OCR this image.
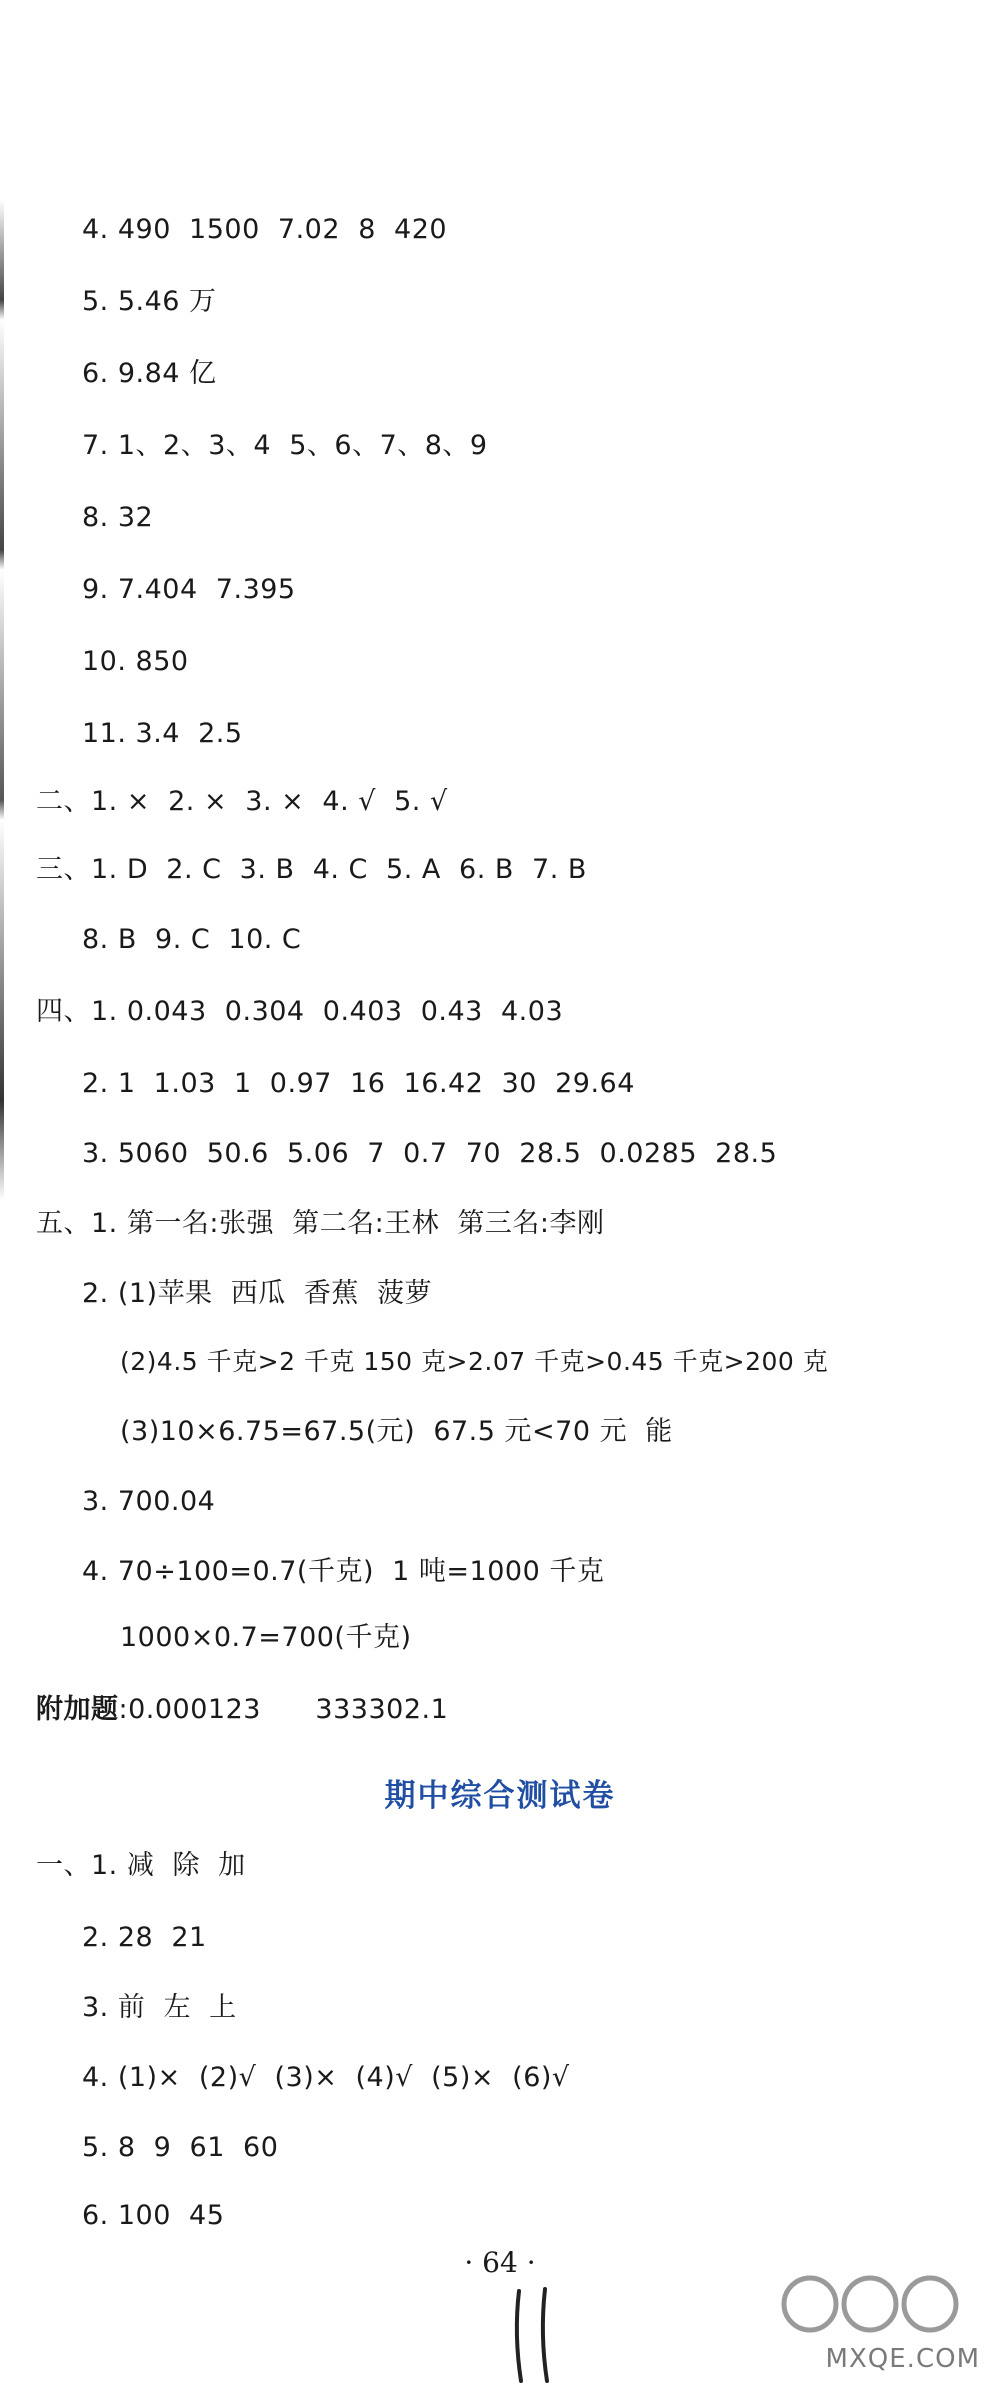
4. 490  1500  7.02  8  420
5. 5.46 万
6. 9.84 亿
7. 1、2、3、4  5、6、7、8、9
8. 32
9. 7.404  7.395
10. 850
11. 3.4  2.5
二、1. ×  2. ×  3. ×  4. √  5. √
三、1. D  2. C  3. B  4. C  5. A  6. B  7. B
8. B  9. C  10. C
四、1. 0.043  0.304  0.403  0.43  4.03
2. 1  1.03  1  0.97  16  16.42  30  29.64
3. 5060  50.6  5.06  7  0.7  70  28.5  0.0285  28.5
五、1. 第一名:张强  第二名:王林  第三名:李刚
2. (1)苹果  西瓜  香蕉  菠萝
(2)4.5 千克>2 千克 150 克>2.07 千克>0.45 千克>200 克
(3)10×6.75=67.5(元)  67.5 元<70 元  能
3. 700.04
4. 70÷100=0.7(千克)  1 吨=1000 千克
1000×0.7=700(千克)
附加题:0.000123      333302.1
期中综合测试卷
一、1. 减  除  加
2. 28  21
3. 前  左  上
4. (1)×  (2)√  (3)×  (4)√  (5)×  (6)√
5. 8  9  61  60
6. 100  45
· 64 ·
MXQE.COM
